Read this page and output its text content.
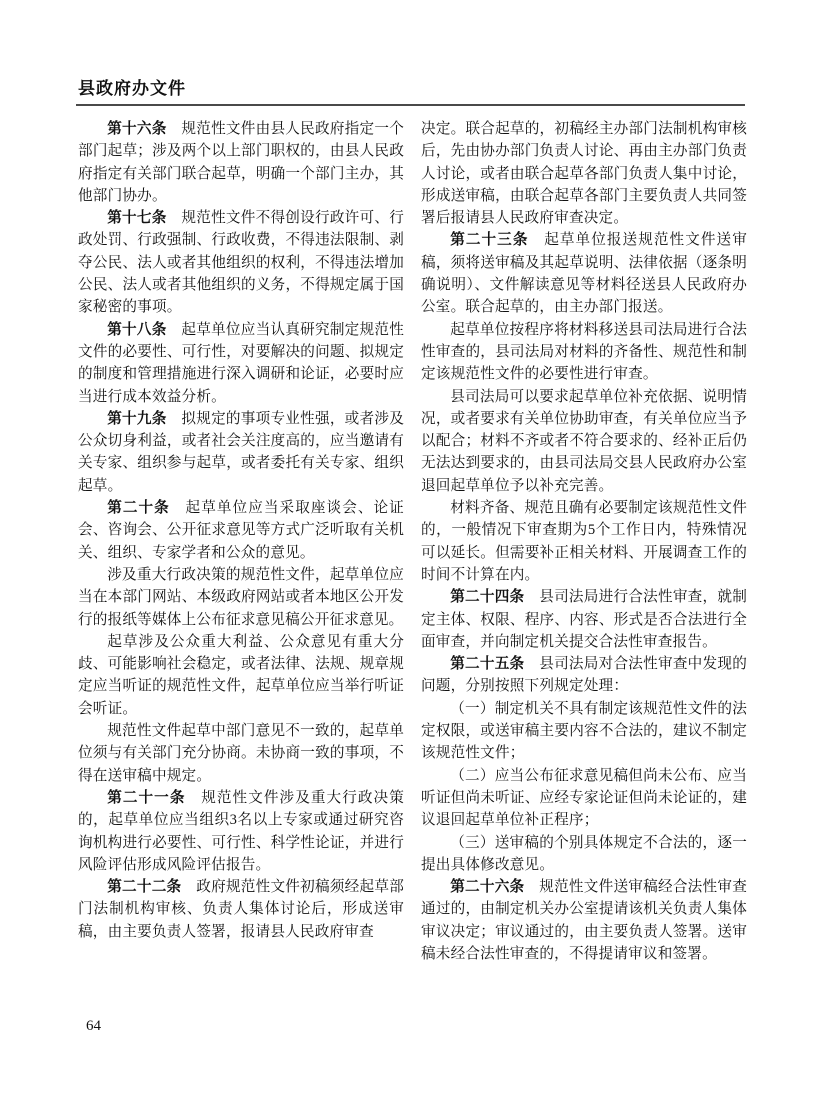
县政府办文件

第十六条　规范性文件由县人民政府指定一个部门起草；涉及两个以上部门职权的，由县人民政府指定有关部门联合起草，明确一个部门主办，其他部门协办。

第十七条　规范性文件不得创设行政许可、行政处罚、行政强制、行政收费，不得违法限制、剥夺公民、法人或者其他组织的权利，不得违法增加公民、法人或者其他组织的义务，不得规定属于国家秘密的事项。

第十八条　起草单位应当认真研究制定规范性文件的必要性、可行性，对要解决的问题、拟规定的制度和管理措施进行深入调研和论证，必要时应当进行成本效益分析。

第十九条　拟规定的事项专业性强，或者涉及公众切身利益，或者社会关注度高的，应当邀请有关专家、组织参与起草，或者委托有关专家、组织起草。

第二十条　起草单位应当采取座谈会、论证会、咨询会、公开征求意见等方式广泛听取有关机关、组织、专家学者和公众的意见。

涉及重大行政决策的规范性文件，起草单位应当在本部门网站、本级政府网站或者本地区公开发行的报纸等媒体上公布征求意见稿公开征求意见。

起草涉及公众重大利益、公众意见有重大分歧、可能影响社会稳定，或者法律、法规、规章规定应当听证的规范性文件，起草单位应当举行听证会听证。

规范性文件起草中部门意见不一致的，起草单位须与有关部门充分协商。未协商一致的事项，不得在送审稿中规定。

第二十一条　规范性文件涉及重大行政决策的，起草单位应当组织3名以上专家或通过研究咨询机构进行必要性、可行性、科学性论证，并进行风险评估形成风险评估报告。

第二十二条　政府规范性文件初稿须经起草部门法制机构审核、负责人集体讨论后，形成送审稿，由主要负责人签署，报请县人民政府审查

决定。联合起草的，初稿经主办部门法制机构审核后，先由协办部门负责人讨论、再由主办部门负责人讨论，或者由联合起草各部门负责人集中讨论，形成送审稿，由联合起草各部门主要负责人共同签署后报请县人民政府审查决定。

第二十三条　起草单位报送规范性文件送审稿，须将送审稿及其起草说明、法律依据（逐条明确说明）、文件解读意见等材料径送县人民政府办公室。联合起草的，由主办部门报送。

起草单位按程序将材料移送县司法局进行合法性审查的，县司法局对材料的齐备性、规范性和制定该规范性文件的必要性进行审查。

县司法局可以要求起草单位补充依据、说明情况，或者要求有关单位协助审查，有关单位应当予以配合；材料不齐或者不符合要求的、经补正后仍无法达到要求的，由县司法局交县人民政府办公室退回起草单位予以补充完善。

材料齐备、规范且确有必要制定该规范性文件的，一般情况下审查期为5个工作日内，特殊情况可以延长。但需要补正相关材料、开展调查工作的时间不计算在内。

第二十四条　县司法局进行合法性审查，就制定主体、权限、程序、内容、形式是否合法进行全面审查，并向制定机关提交合法性审查报告。

第二十五条　县司法局对合法性审查中发现的问题，分别按照下列规定处理：

（一）制定机关不具有制定该规范性文件的法定权限，或送审稿主要内容不合法的，建议不制定该规范性文件；

（二）应当公布征求意见稿但尚未公布、应当听证但尚未听证、应经专家论证但尚未论证的，建议退回起草单位补正程序；

（三）送审稿的个别具体规定不合法的，逐一提出具体修改意见。

第二十六条　规范性文件送审稿经合法性审查通过的，由制定机关办公室提请该机关负责人集体审议决定；审议通过的，由主要负责人签署。送审稿未经合法性审查的，不得提请审议和签署。

64
